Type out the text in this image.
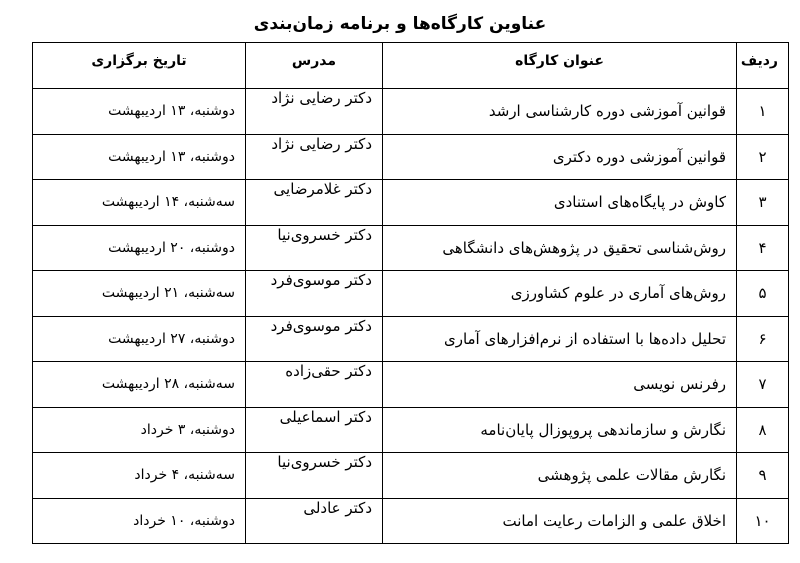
عناوین کارگاه‌ها و برنامه زمان‌بندی
ردیف	عنوان کارگاه	مدرس	تاریخ برگزاری
۱	قوانین آموزشی دوره کارشناسی ارشد	دکتر رضایی نژاد	دوشنبه، ۱۳ اردیبهشت
۲	قوانین آموزشی دوره دکتری	دکتر رضایی نژاد	دوشنبه، ۱۳ اردیبهشت
۳	کاوش در پایگاه‌های استنادی	دکتر غلامرضایی	سه‌شنبه، ۱۴ اردیبهشت
۴	روش‌شناسی تحقیق در پژوهش‌های دانشگاهی	دکتر خسروی‌نیا	دوشنبه، ۲۰ اردیبهشت
۵	روش‌های آماری در علوم کشاورزی	دکتر موسوی‌فرد	سه‌شنبه، ۲۱ اردیبهشت
۶	تحلیل داده‌ها با استفاده از نرم‌افزارهای آماری	دکتر موسوی‌فرد	دوشنبه، ۲۷ اردیبهشت
۷	رفرنس نویسی	دکتر حقی‌زاده	سه‌شنبه، ۲۸ اردیبهشت
۸	نگارش و سازماندهی پروپوزال پایان‌نامه	دکتر اسماعیلی	دوشنبه، ۳ خرداد
۹	نگارش مقالات علمی پژوهشی	دکتر خسروی‌نیا	سه‌شنبه، ۴ خرداد
۱۰	اخلاق علمی و الزامات رعایت امانت	دکتر عادلی	دوشنبه، ۱۰ خرداد
